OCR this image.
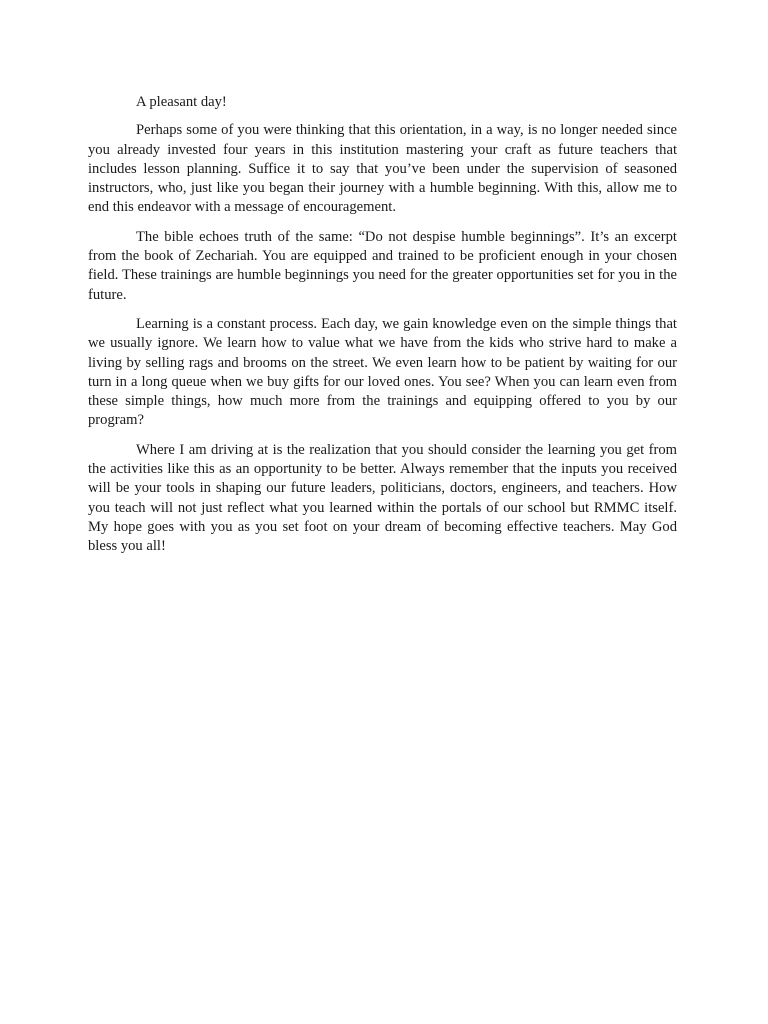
A pleasant day!

Perhaps some of you were thinking that this orientation, in a way, is no longer needed since you already invested four years in this institution mastering your craft as future teachers that includes lesson planning. Suffice it to say that you’ve been under the supervision of seasoned instructors, who, just like you began their journey with a humble beginning. With this, allow me to end this endeavor with a message of encouragement.

The bible echoes truth of the same: “Do not despise humble beginnings”. It’s an excerpt from the book of Zechariah. You are equipped and trained to be proficient enough in your chosen field. These trainings are humble beginnings you need for the greater opportunities set for you in the future.

Learning is a constant process. Each day, we gain knowledge even on the simple things that we usually ignore. We learn how to value what we have from the kids who strive hard to make a living by selling rags and brooms on the street. We even learn how to be patient by waiting for our turn in a long queue when we buy gifts for our loved ones. You see? When you can learn even from these simple things, how much more from the trainings and equipping offered to you by our program?

Where I am driving at is the realization that you should consider the learning you get from the activities like this as an opportunity to be better. Always remember that the inputs you received will be your tools in shaping our future leaders, politicians, doctors, engineers, and teachers. How you teach will not just reflect what you learned within the portals of our school but RMMC itself. My hope goes with you as you set foot on your dream of becoming effective teachers. May God bless you all!
